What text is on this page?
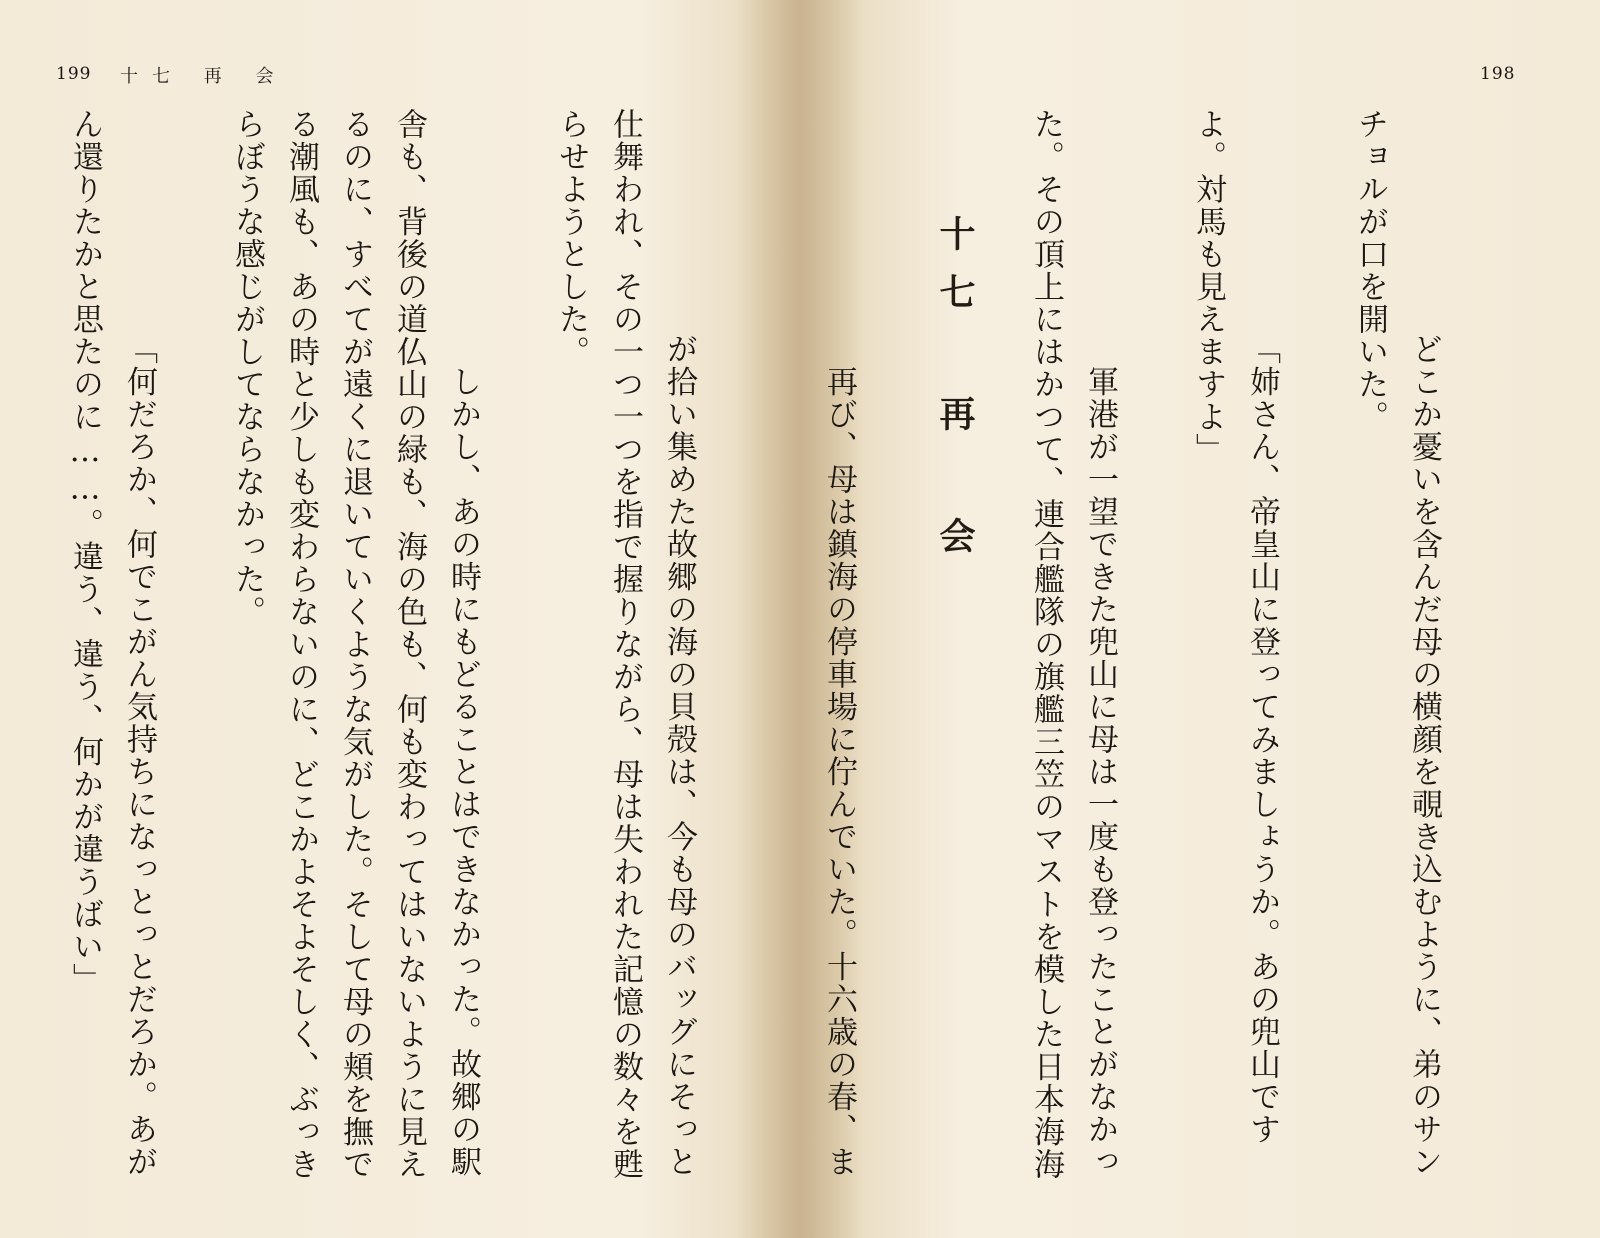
199 十七 再 会

が拾い集めた故郷の海の貝殻は、今も母のバッグにそっと仕舞われ、その一つ一つを指で握りながら、母は失われた記憶の数々を甦らせようとした。

　しかし、あの時にもどることはできなかった。故郷の駅舎も、背後の道仏山の緑も、海の色も、何も変わってはいないように見えるのに、すべてが遠くに退いていくような気がした。そして母の頬を撫でる潮風も、あの時と少しも変わらないのに、どこかよそよそしく、ぶっきらぼうな感じがしてならなかった。

「何だろか、何でこがん気持ちになっとっとだろか。あがん還りたかと思たのに……。違う、違う、何かが違うばい」

198

どこか憂いを含んだ母の横顔を覗き込むように、弟のサンチョルが口を開いた。

「姉さん、帝皇山に登ってみましょうか。あの兜山ですよ。対馬も見えますよ」

　軍港が一望できた兜山に母は一度も登ったことがなかった。その頂上にはかつて、連合艦隊の旗艦三笠のマストを模した日本海海

十七 再 会

　再び、母は鎮海の停車場に佇んでいた。十六歳の春、ま
